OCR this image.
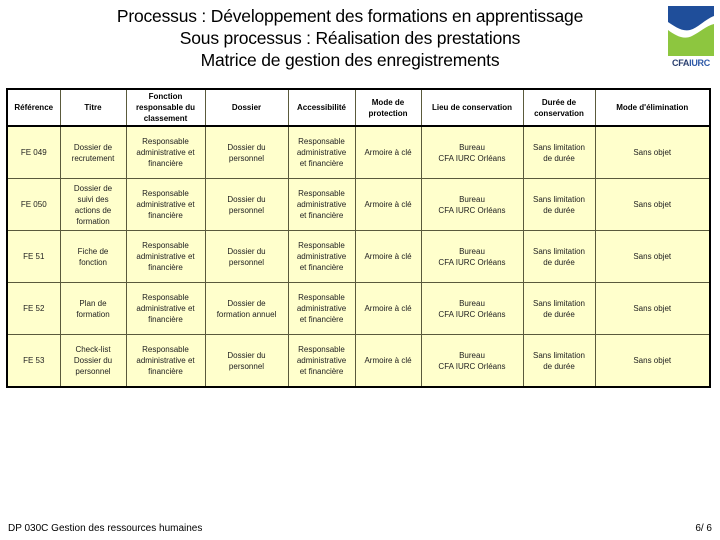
Processus : Développement des formations en apprentissage
Sous processus : Réalisation des prestations
Matrice de gestion des enregistrements	CFAIURC
Référence	Titre	Fonction responsable du classement	Dossier	Accessibilité	Mode de protection	Lieu de conservation	Durée de conservation	Mode d'élimination
FE 049	Dossier de
recrutement	Responsable
administrative et
financière	Dossier du
personnel	Responsable
administrative
et financière	Armoire à clé	Bureau
CFA IURC Orléans	Sans limitation
de durée	Sans objet
FE 050	Dossier de
suivi des
actions de
formation	Responsable
administrative et
financière	Dossier du
personnel	Responsable
administrative
et financière	Armoire à clé	Bureau
CFA IURC Orléans	Sans limitation
de durée	Sans objet
FE 51	Fiche de
fonction	Responsable
administrative et
financière	Dossier du
personnel	Responsable
administrative
et financière	Armoire à clé	Bureau
CFA IURC Orléans	Sans limitation
de durée	Sans objet
FE 52	Plan de
formation	Responsable
administrative et
financière	Dossier de
formation annuel	Responsable
administrative
et financière	Armoire à clé	Bureau
CFA IURC Orléans	Sans limitation
de durée	Sans objet
FE 53	Check-list
Dossier du
personnel	Responsable
administrative et
financière	Dossier du
personnel	Responsable
administrative
et financière	Armoire à clé	Bureau
CFA IURC Orléans	Sans limitation
de durée	Sans objet
DP 030C Gestion des ressources humaines	6/ 6
